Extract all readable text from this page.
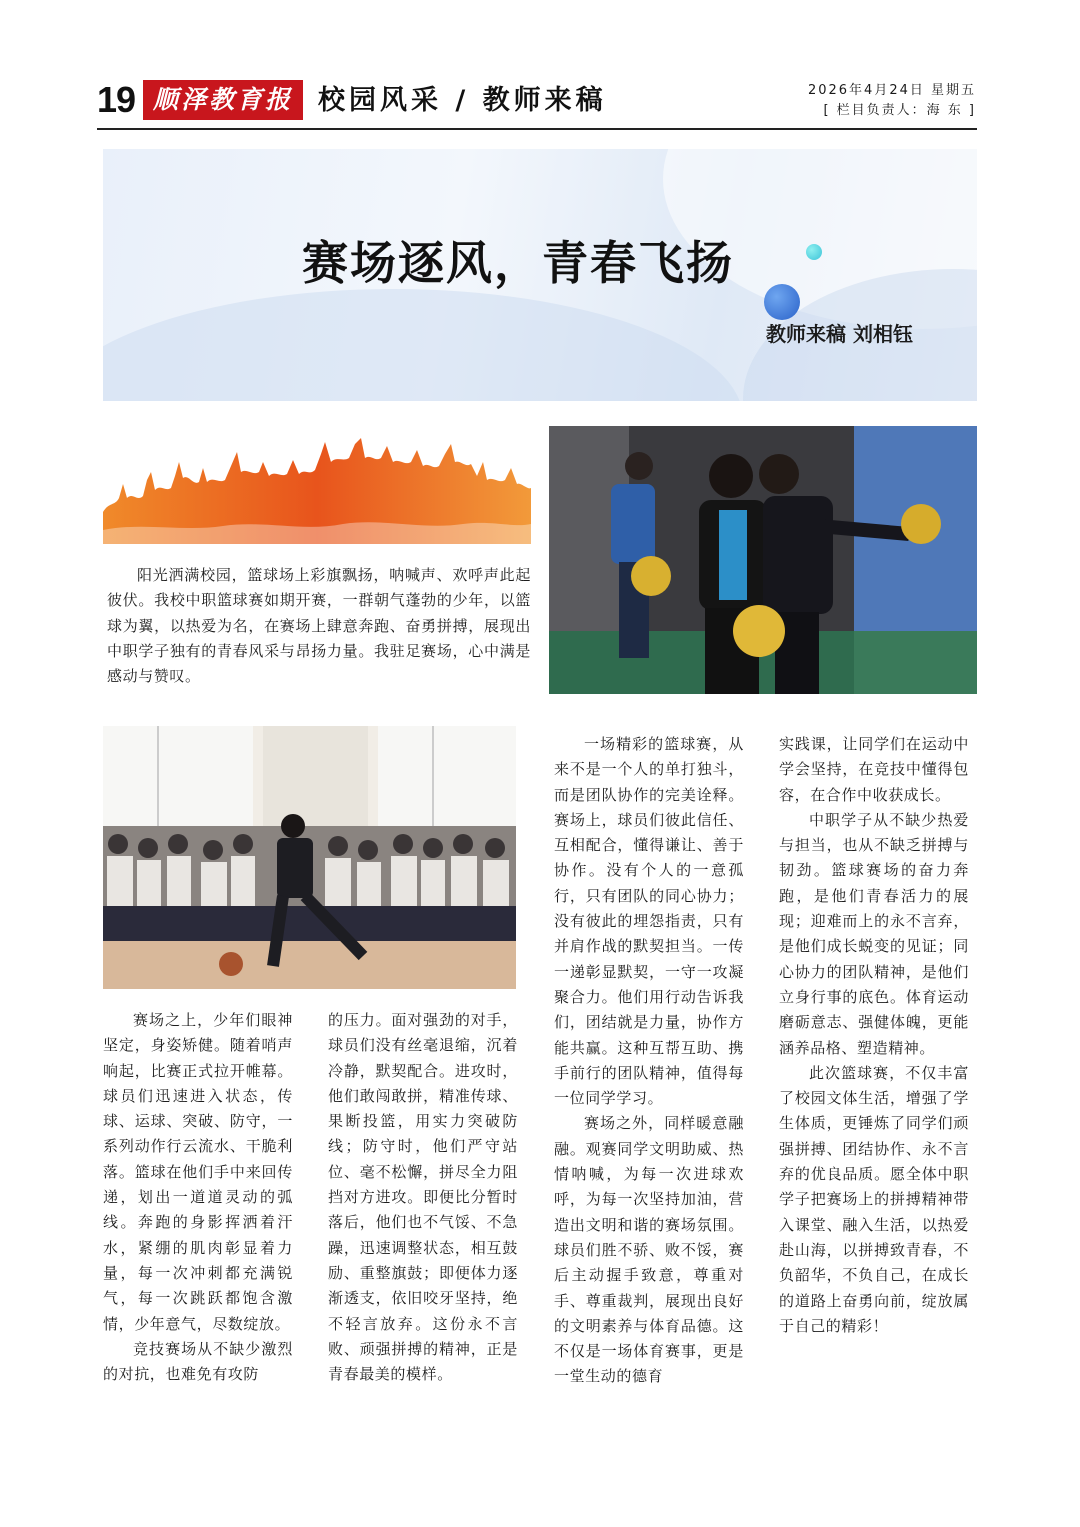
19 顺泽教育报 校园风采 / 教师来稿	2026年4月24日 星期五
[ 栏目负责人：海 东 ]
赛场逐风，青春飞扬
教师来稿 刘相钰

阳光洒满校园，篮球场上彩旗飘扬，呐喊声、欢呼声此起彼伏。我校中职篮球赛如期开赛，一群朝气蓬勃的少年，以篮球为翼，以热爱为名，在赛场上肆意奔跑、奋勇拼搏，展现出中职学子独有的青春风采与昂扬力量。我驻足赛场，心中满是感动与赞叹。

赛场之上，少年们眼神坚定，身姿矫健。随着哨声响起，比赛正式拉开帷幕。球员们迅速进入状态，传球、运球、突破、防守，一系列动作行云流水、干脆利落。篮球在他们手中来回传递，划出一道道灵动的弧线。奔跑的身影挥洒着汗水，紧绷的肌肉彰显着力量，每一次冲刺都充满锐气，每一次跳跃都饱含激情，少年意气，尽数绽放。

竞技赛场从不缺少激烈的对抗，也难免有攻防

的压力。面对强劲的对手，球员们没有丝毫退缩，沉着冷静，默契配合。进攻时，他们敢闯敢拼，精准传球、果断投篮，用实力突破防线；防守时，他们严守站位、毫不松懈，拼尽全力阻挡对方进攻。即便比分暂时落后，他们也不气馁、不急躁，迅速调整状态，相互鼓励、重整旗鼓；即便体力逐渐透支，依旧咬牙坚持，绝不轻言放弃。这份永不言败、顽强拼搏的精神，正是青春最美的模样。

一场精彩的篮球赛，从来不是一个人的单打独斗，而是团队协作的完美诠释。赛场上，球员们彼此信任、互相配合，懂得谦让、善于协作。没有个人的一意孤行，只有团队的同心协力；没有彼此的埋怨指责，只有并肩作战的默契担当。一传一递彰显默契，一守一攻凝聚合力。他们用行动告诉我们，团结就是力量，协作方能共赢。这种互帮互助、携手前行的团队精神，值得每一位同学学习。

赛场之外，同样暖意融融。观赛同学文明助威、热情呐喊，为每一次进球欢呼，为每一次坚持加油，营造出文明和谐的赛场氛围。球员们胜不骄、败不馁，赛后主动握手致意，尊重对手、尊重裁判，展现出良好的文明素养与体育品德。这不仅是一场体育赛事，更是一堂生动的德育

实践课，让同学们在运动中学会坚持，在竞技中懂得包容，在合作中收获成长。

中职学子从不缺少热爱与担当，也从不缺乏拼搏与韧劲。篮球赛场的奋力奔跑，是他们青春活力的展现；迎难而上的永不言弃，是他们成长蜕变的见证；同心协力的团队精神，是他们立身行事的底色。体育运动磨砺意志、强健体魄，更能涵养品格、塑造精神。

此次篮球赛，不仅丰富了校园文体生活，增强了学生体质，更锤炼了同学们顽强拼搏、团结协作、永不言弃的优良品质。愿全体中职学子把赛场上的拼搏精神带入课堂、融入生活，以热爱赴山海，以拼搏致青春，不负韶华，不负自己，在成长的道路上奋勇向前，绽放属于自己的精彩！
